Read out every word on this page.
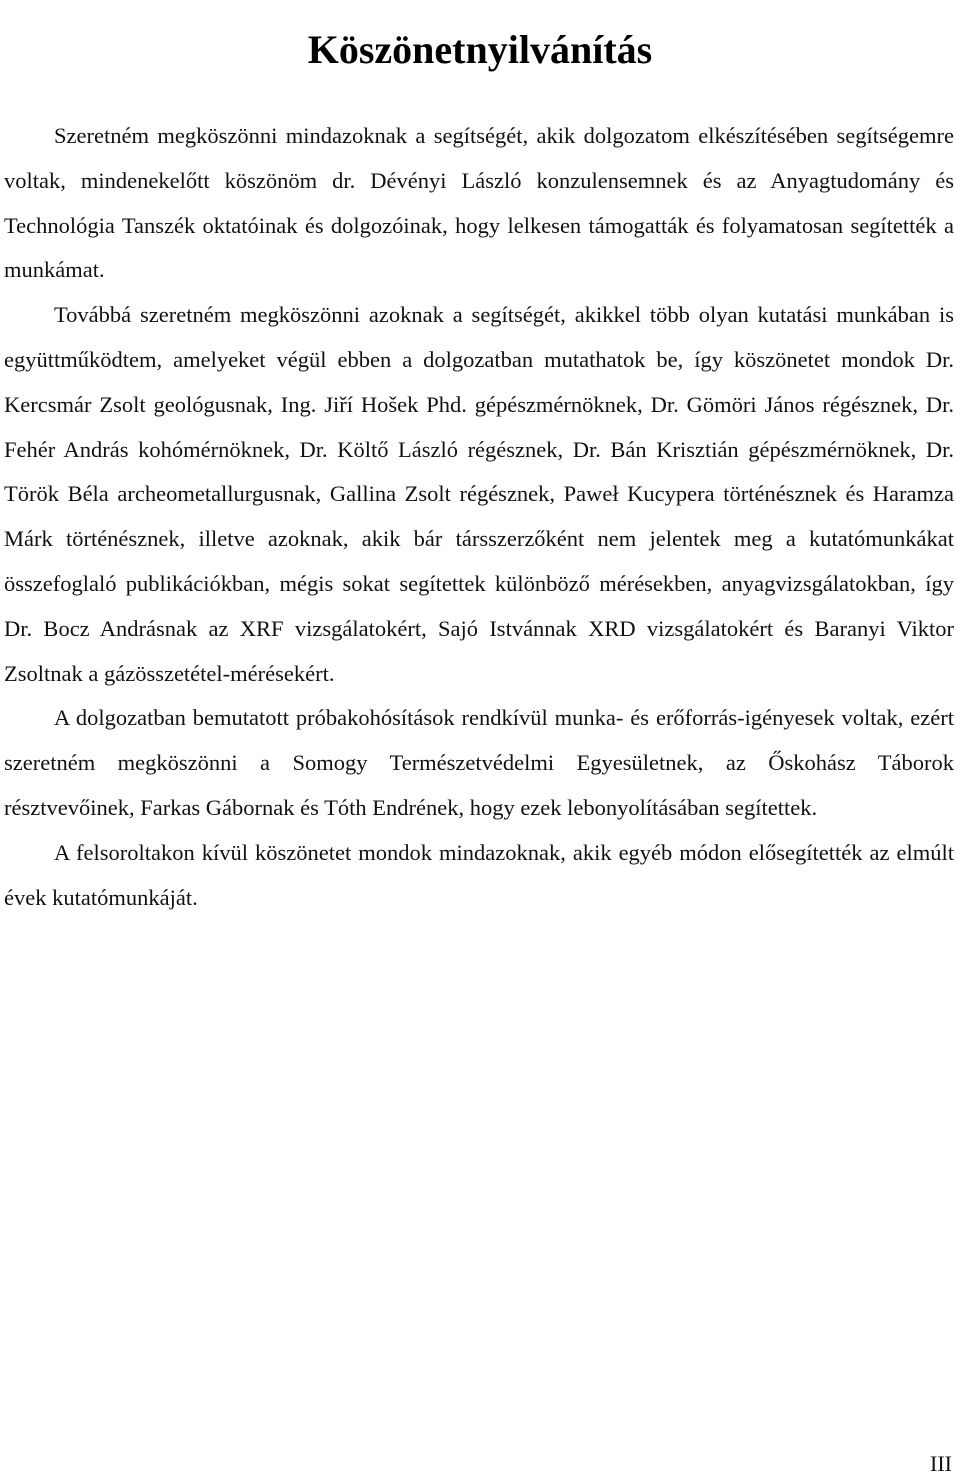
Köszönetnyilvánítás

Szeretném megköszönni mindazoknak a segítségét, akik dolgozatom elkészítésében segítségemre voltak, mindenekelőtt köszönöm dr. Dévényi László konzulensemnek és az Anyagtudomány és Technológia Tanszék oktatóinak és dolgozóinak, hogy lelkesen támogatták és folyamatosan segítették a munkámat.

Továbbá szeretném megköszönni azoknak a segítségét, akikkel több olyan kutatási munkában is együttműködtem, amelyeket végül ebben a dolgozatban mutathatok be, így köszönetet mondok Dr. Kercsmár Zsolt geológusnak, Ing. Jiří Hošek Phd. gépészmérnöknek, Dr. Gömöri János régésznek, Dr. Fehér András kohómérnöknek, Dr. Költő László régésznek, Dr. Bán Krisztián gépészmérnöknek, Dr. Török Béla archeometallurgusnak, Gallina Zsolt régésznek, Paweł Kucypera történésznek és Haramza Márk történésznek, illetve azoknak, akik bár társszerzőként nem jelentek meg a kutatómunkákat összefoglaló publikációkban, mégis sokat segítettek különböző mérésekben, anyagvizsgálatokban, így Dr. Bocz Andrásnak az XRF vizsgálatokért, Sajó Istvánnak XRD vizsgálatokért és Baranyi Viktor Zsoltnak a gázösszetétel-mérésekért.

A dolgozatban bemutatott próbakohósítások rendkívül munka- és erőforrás-igényesek voltak, ezért szeretném megköszönni a Somogy Természetvédelmi Egyesületnek, az Őskohász Táborok résztvevőinek, Farkas Gábornak és Tóth Endrének, hogy ezek lebonyolításában segítettek.

A felsoroltakon kívül köszönetet mondok mindazoknak, akik egyéb módon elősegítették az elmúlt évek kutatómunkáját.

III
